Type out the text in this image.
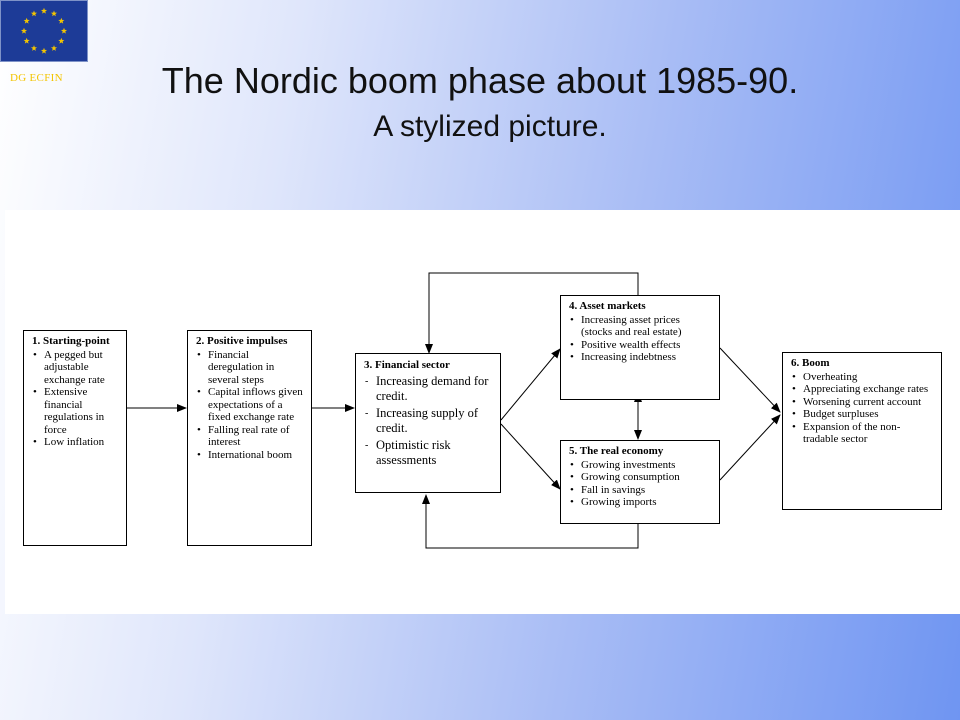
DG ECFIN	The Nordic boom phase about 1985-90.
A stylized picture.
1. Starting-point
• A pegged but adjustable exchange rate
• Extensive financial regulations in force
• Low inflation
2. Positive impulses
• Financial deregulation in several steps
• Capital inflows given expectations of a fixed exchange rate
• Falling real rate of interest
• International boom
3. Financial sector
- Increasing demand for credit.
- Increasing supply of credit.
- Optimistic risk assessments
4. Asset markets
• Increasing asset prices (stocks and real estate)
• Positive wealth effects
• Increasing indebtness
5. The real economy
• Growing investments
• Growing consumption
• Fall in savings
• Growing imports
6. Boom
• Overheating
• Appreciating exchange rates
• Worsening current account
• Budget surpluses
• Expansion of the non-tradable sector
